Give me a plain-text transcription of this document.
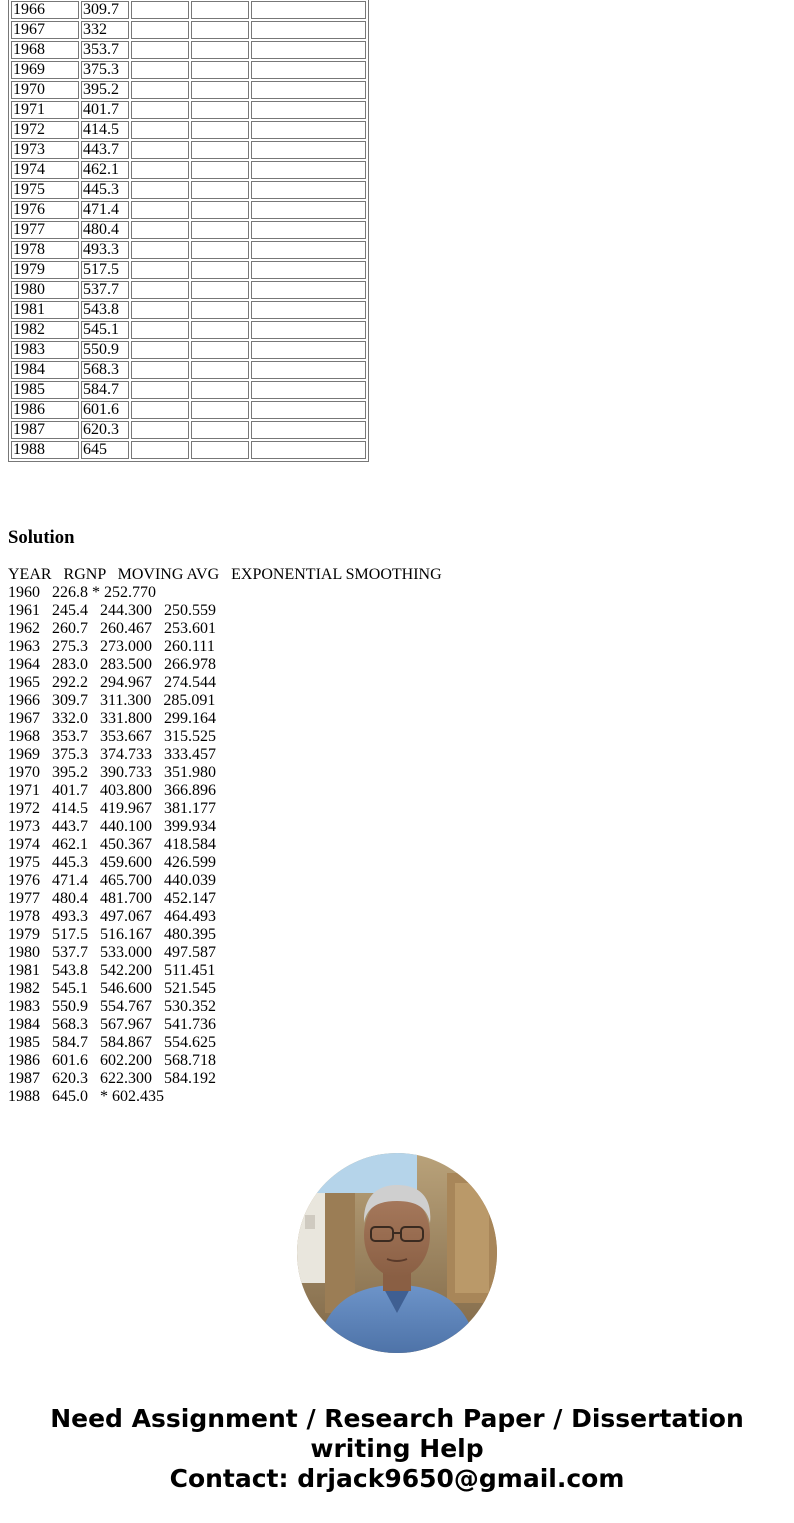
1966	309.7			
1967	332			
1968	353.7			
1969	375.3			
1970	395.2			
1971	401.7			
1972	414.5			
1973	443.7			
1974	462.1			
1975	445.3			
1976	471.4			
1977	480.4			
1978	493.3			
1979	517.5			
1980	537.7			
1981	543.8			
1982	545.1			
1983	550.9			
1984	568.3			
1985	584.7			
1986	601.6			
1987	620.3			
1988	645			
Solution
YEAR   RGNP   MOVING AVG   EXPONENTIAL SMOOTHING
1960   226.8 * 252.770
1961   245.4   244.300   250.559
1962   260.7   260.467   253.601
1963   275.3   273.000   260.111
1964   283.0   283.500   266.978
1965   292.2   294.967   274.544
1966   309.7   311.300   285.091
1967   332.0   331.800   299.164
1968   353.7   353.667   315.525
1969   375.3   374.733   333.457
1970   395.2   390.733   351.980
1971   401.7   403.800   366.896
1972   414.5   419.967   381.177
1973   443.7   440.100   399.934
1974   462.1   450.367   418.584
1975   445.3   459.600   426.599
1976   471.4   465.700   440.039
1977   480.4   481.700   452.147
1978   493.3   497.067   464.493
1979   517.5   516.167   480.395
1980   537.7   533.000   497.587
1981   543.8   542.200   511.451
1982   545.1   546.600   521.545
1983   550.9   554.767   530.352
1984   568.3   567.967   541.736
1985   584.7   584.867   554.625
1986   601.6   602.200   568.718
1987   620.3   622.300   584.192
1988   645.0   * 602.435
Need Assignment / Research Paper / Dissertation
writing Help
Contact: drjack9650@gmail.com
